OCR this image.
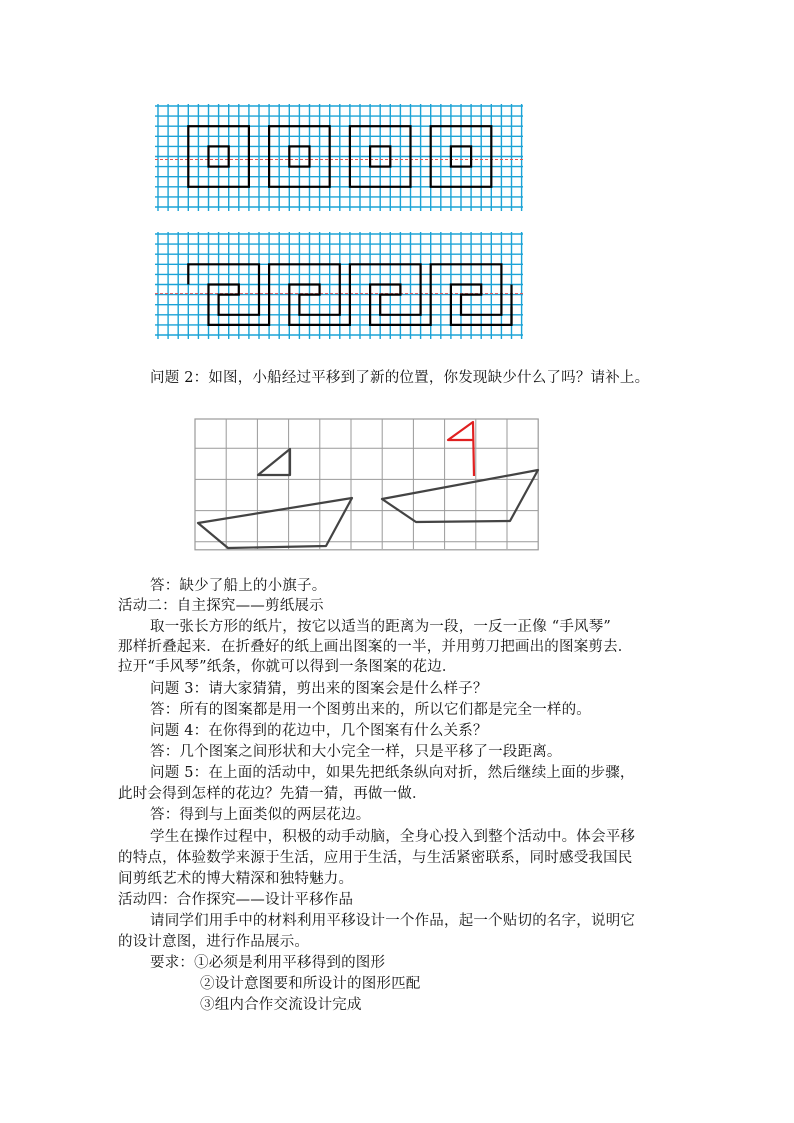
问题 2：如图，小船经过平移到了新的位置，你发现缺少什么了吗？请补上。
答：缺少了船上的小旗子。
活动二：自主探究——剪纸展示
取一张长方形的纸片，按它以适当的距离为一段，一反一正像 “手风琴”
那样折叠起来．在折叠好的纸上画出图案的一半，并用剪刀把画出的图案剪去．
拉开“手风琴”纸条，你就可以得到一条图案的花边．
问题 3：请大家猜猜，剪出来的图案会是什么样子？
答：所有的图案都是用一个图剪出来的，所以它们都是完全一样的。
问题 4：在你得到的花边中，几个图案有什么关系？
答：几个图案之间形状和大小完全一样，只是平移了一段距离。
问题 5：在上面的活动中，如果先把纸条纵向对折，然后继续上面的步骤，
此时会得到怎样的花边？先猜一猜，再做一做．
答：得到与上面类似的两层花边。
学生在操作过程中，积极的动手动脑，全身心投入到整个活动中。体会平移
的特点，体验数学来源于生活，应用于生活，与生活紧密联系，同时感受我国民
间剪纸艺术的博大精深和独特魅力。
活动四：合作探究——设计平移作品
请同学们用手中的材料利用平移设计一个作品，起一个贴切的名字，说明它
的设计意图，进行作品展示。
要求：①必须是利用平移得到的图形
②设计意图要和所设计的图形匹配
③组内合作交流设计完成
